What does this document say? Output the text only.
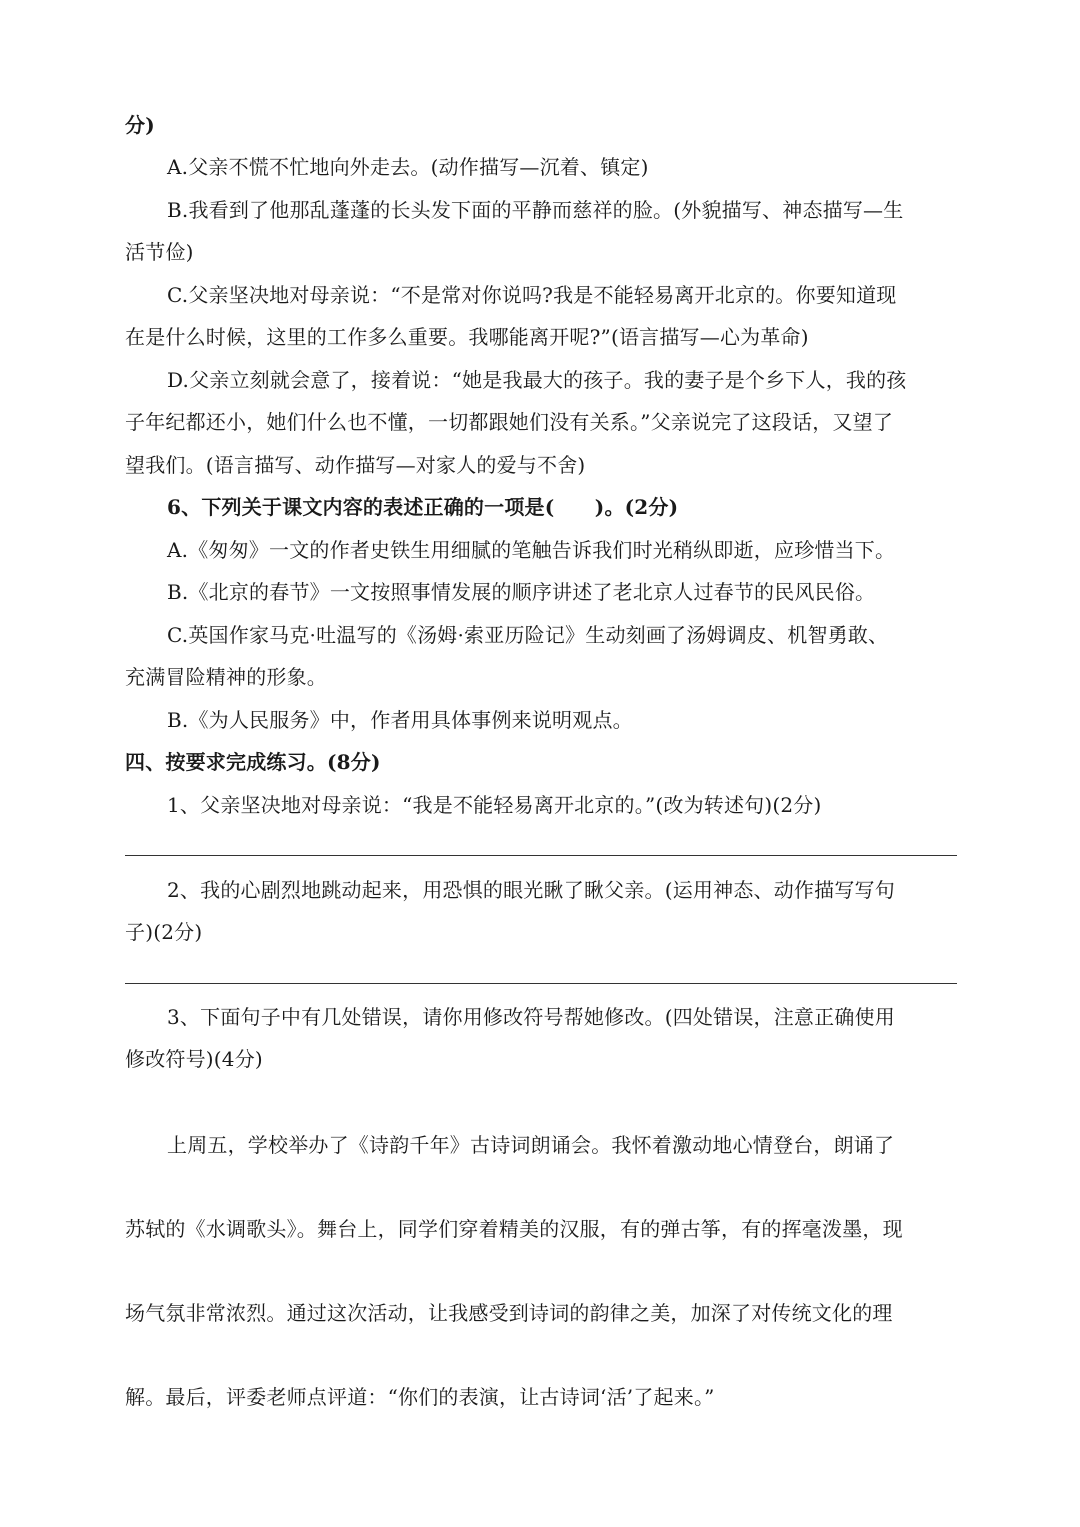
分)
A.父亲不慌不忙地向外走去。(动作描写—沉着、镇定)
B.我看到了他那乱蓬蓬的长头发下面的平静而慈祥的脸。(外貌描写、神态描写—生
活节俭)
C.父亲坚决地对母亲说：“不是常对你说吗?我是不能轻易离开北京的。你要知道现
在是什么时候，这里的工作多么重要。我哪能离开呢?”(语言描写—心为革命)
D.父亲立刻就会意了，接着说：“她是我最大的孩子。我的妻子是个乡下人，我的孩
子年纪都还小，她们什么也不懂，一切都跟她们没有关系。”父亲说完了这段话，又望了
望我们。(语言描写、动作描写—对家人的爱与不舍)
6、下列关于课文内容的表述正确的一项是(　　)。(2分)
A.《匆匆》一文的作者史铁生用细腻的笔触告诉我们时光稍纵即逝，应珍惜当下。
B.《北京的春节》一文按照事情发展的顺序讲述了老北京人过春节的民风民俗。
C.英国作家马克·吐温写的《汤姆·索亚历险记》生动刻画了汤姆调皮、机智勇敢、
充满冒险精神的形象。
B.《为人民服务》中，作者用具体事例来说明观点。
四、按要求完成练习。(8分)
1、父亲坚决地对母亲说：“我是不能轻易离开北京的。”(改为转述句)(2分)
2、我的心剧烈地跳动起来，用恐惧的眼光瞅了瞅父亲。(运用神态、动作描写写句
子)(2分)
3、下面句子中有几处错误，请你用修改符号帮她修改。(四处错误，注意正确使用
修改符号)(4分)
上周五，学校举办了《诗韵千年》古诗词朗诵会。我怀着激动地心情登台，朗诵了
苏轼的《水调歌头》。舞台上，同学们穿着精美的汉服，有的弹古筝，有的挥毫泼墨，现
场气氛非常浓烈。通过这次活动，让我感受到诗词的韵律之美，加深了对传统文化的理
解。最后，评委老师点评道：“你们的表演，让古诗词‘活’了起来。”
